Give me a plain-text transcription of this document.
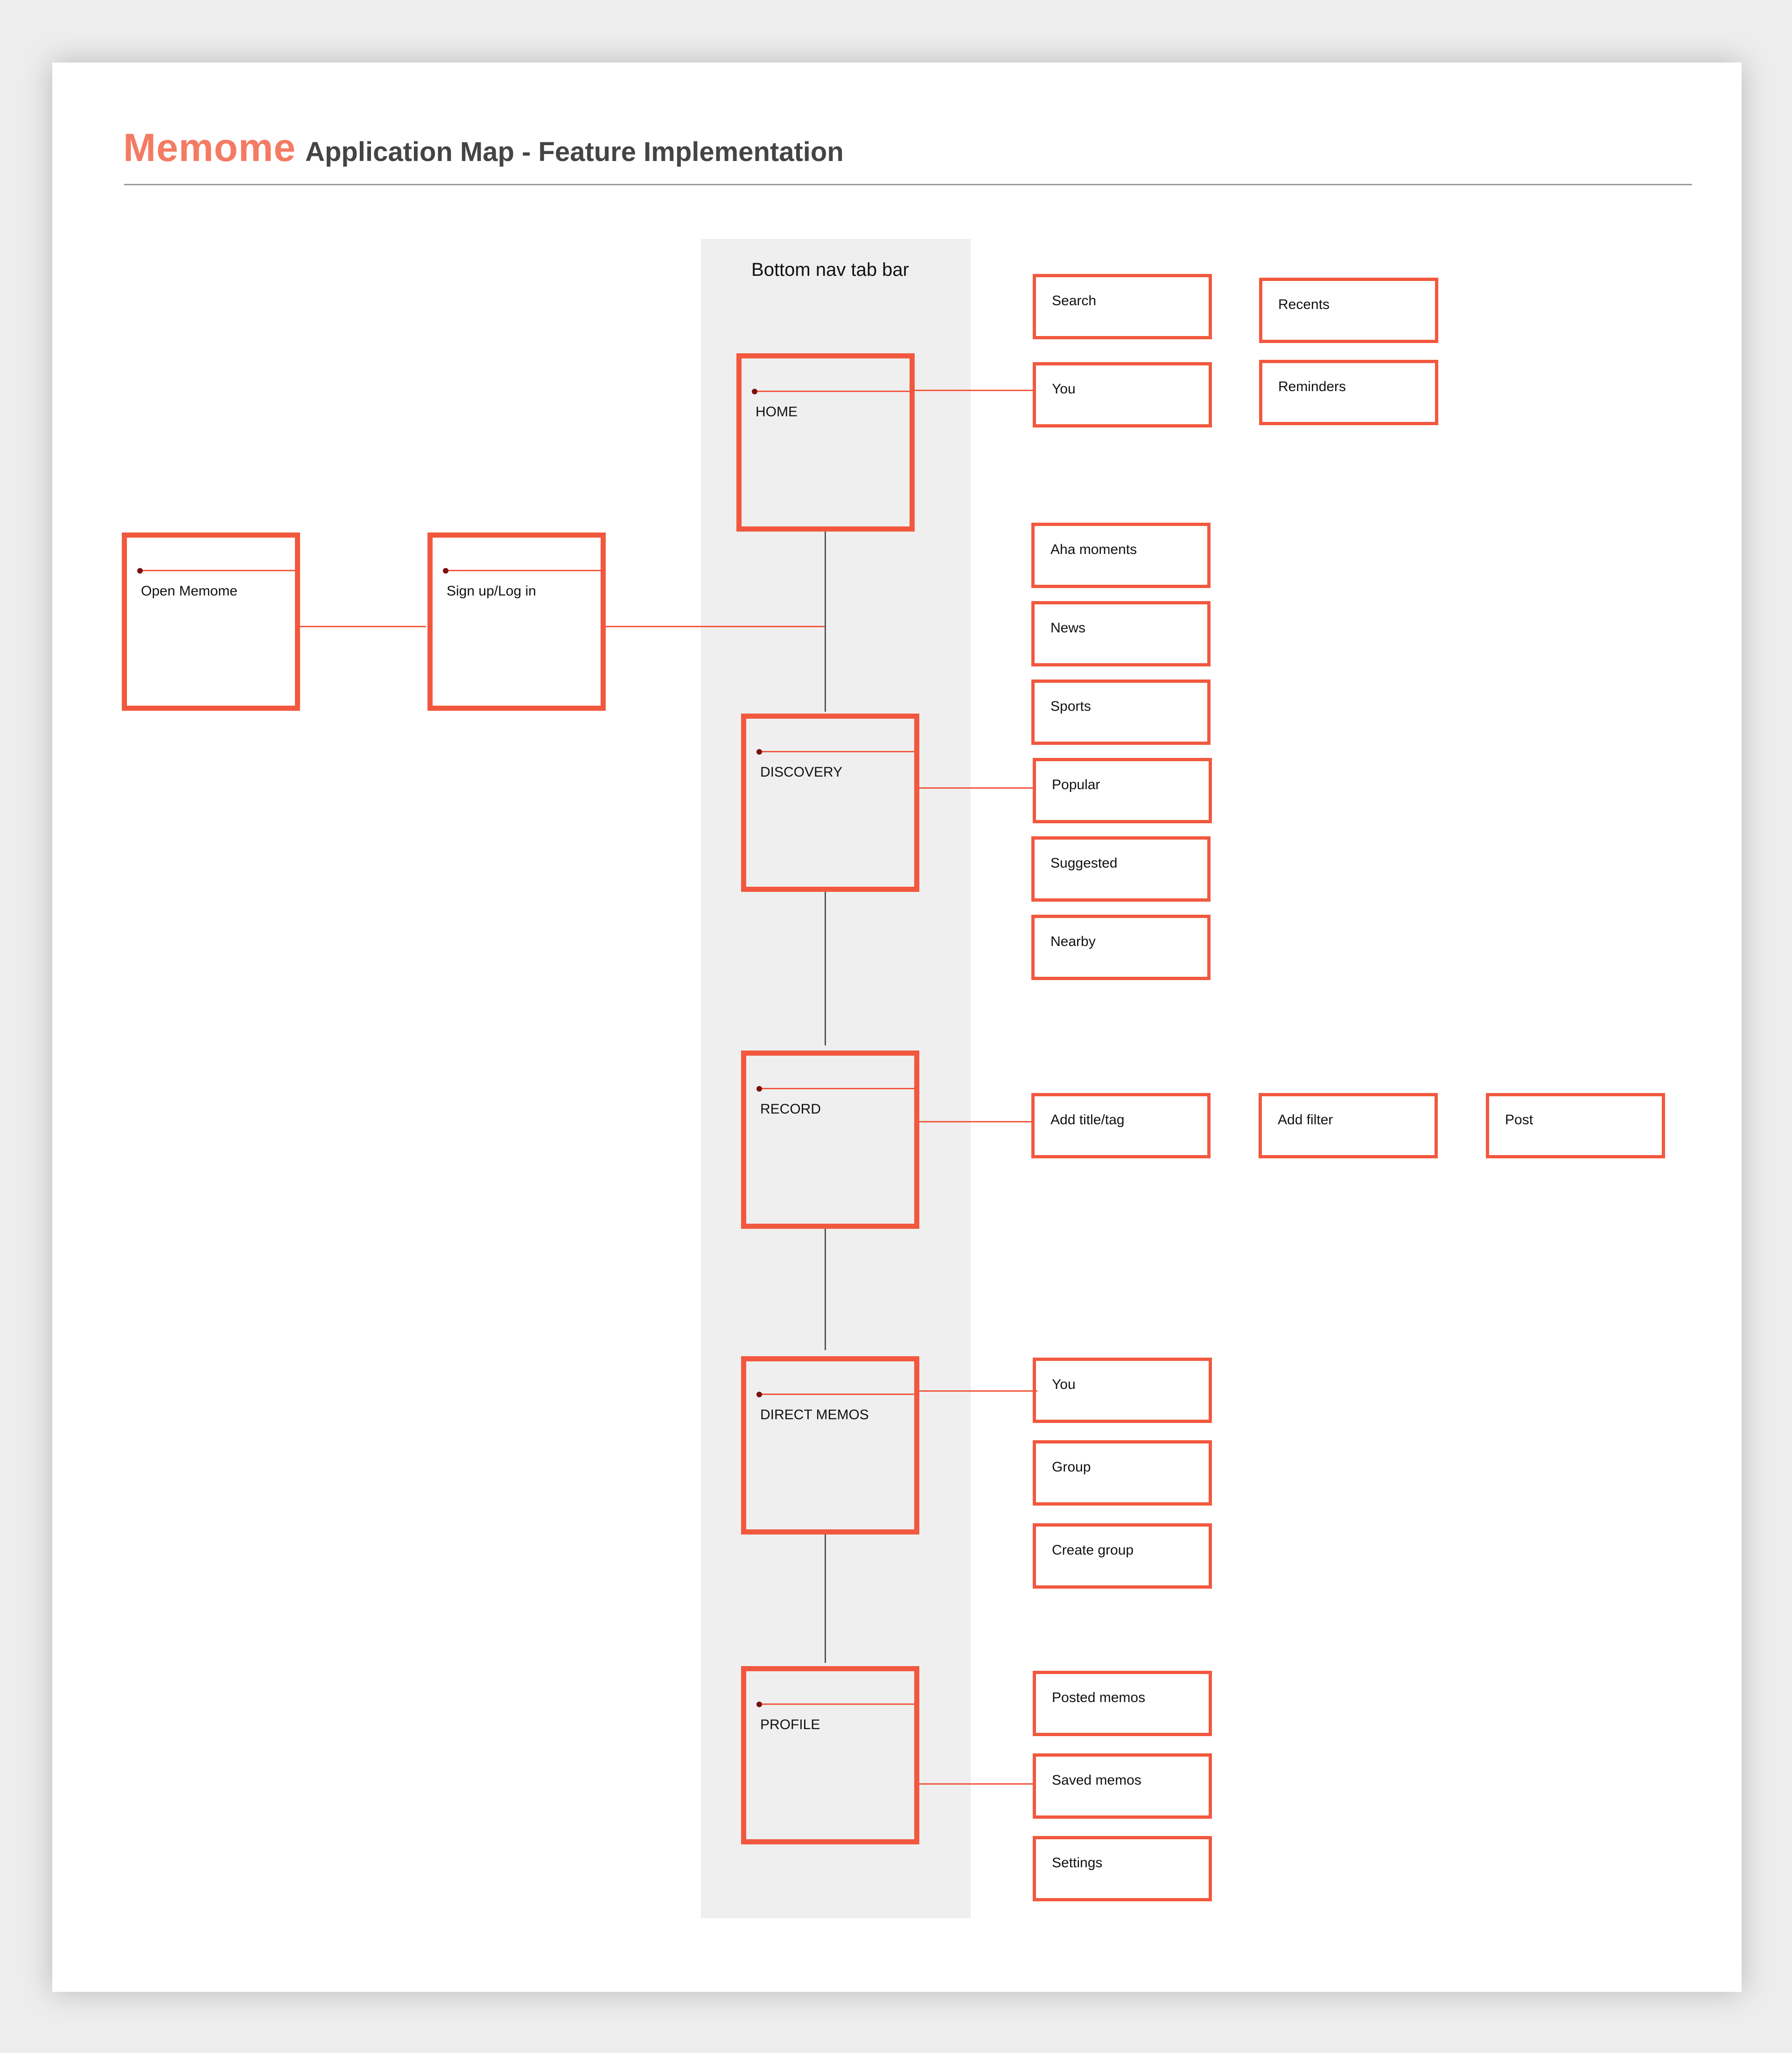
Memome Application Map - Feature Implementation
Bottom nav tab bar
Open Memome	Sign up/Log in
HOME
DISCOVERY
RECORD
DIRECT MEMOS
PROFILE
Search
You
Recents
Reminders
Aha moments
News
Sports
Popular
Suggested
Nearby
Add title/tag	Add filter	Post
You
Group
Create group
Posted memos
Saved memos
Settings
